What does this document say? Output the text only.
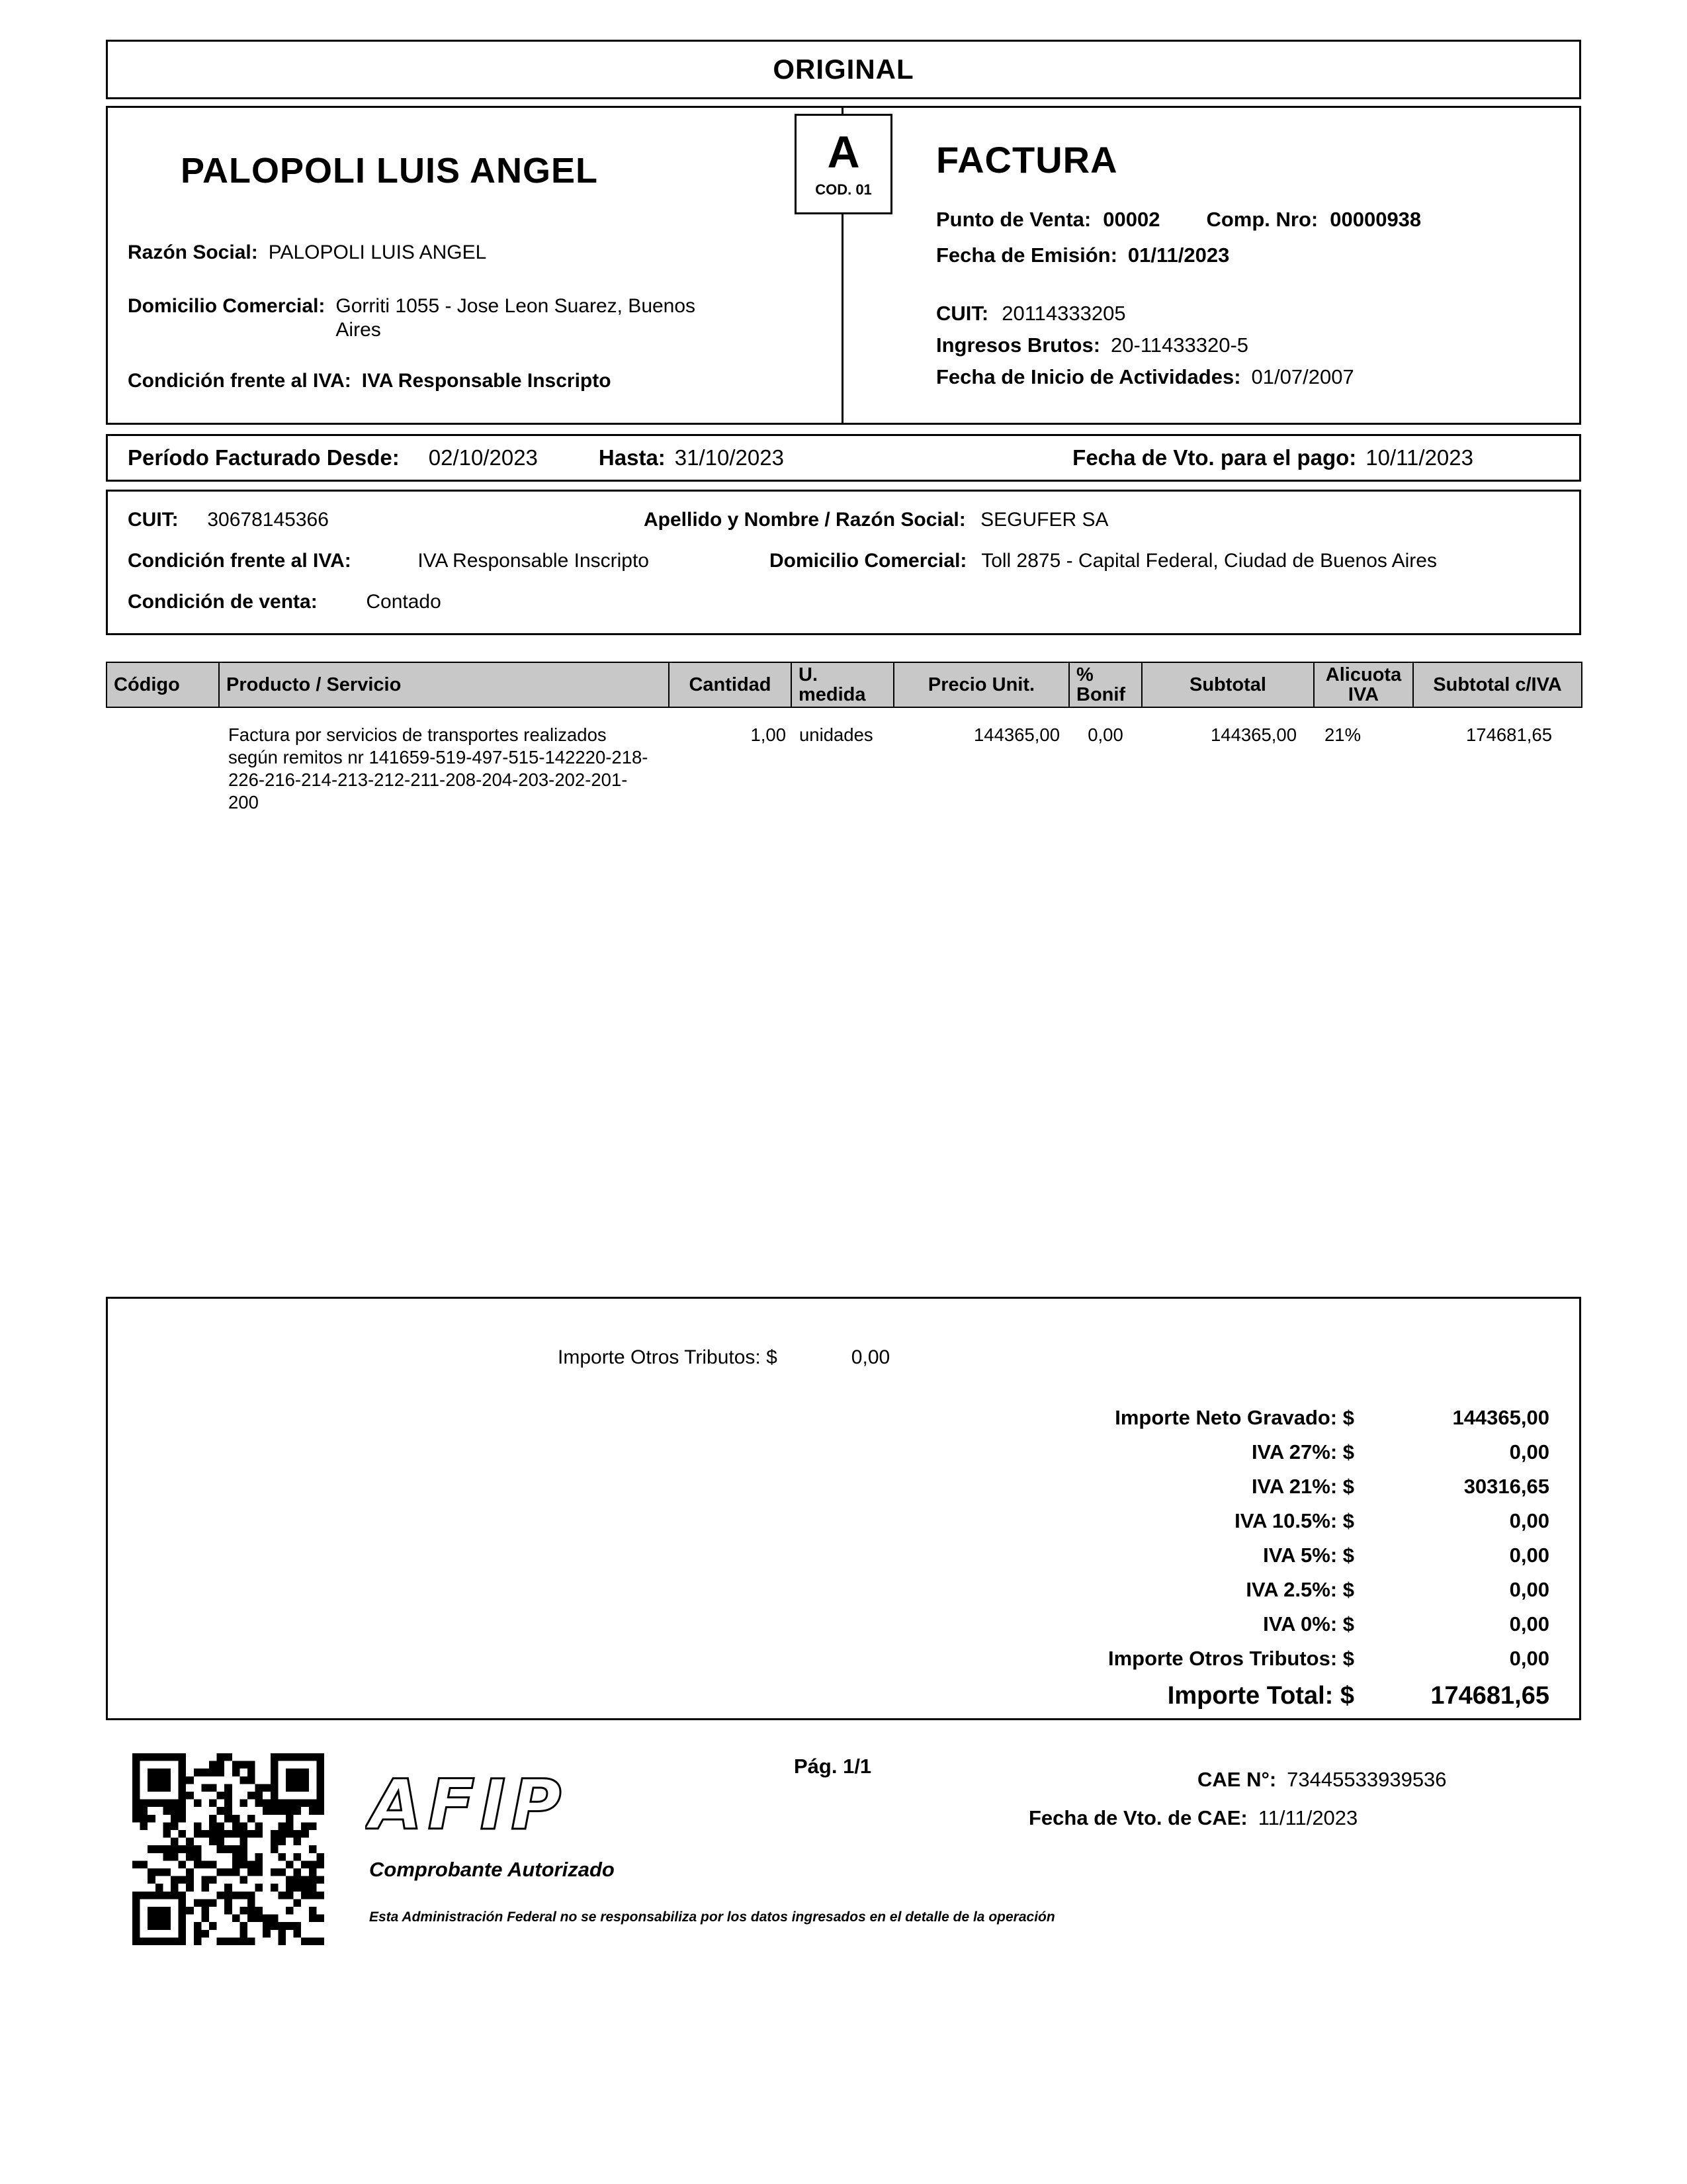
ORIGINAL
PALOPOLI LUIS ANGEL
Razón Social: PALOPOLI LUIS ANGEL
Domicilio Comercial: Gorriti 1055 - Jose Leon Suarez, Buenos Aires
Condición frente al IVA: IVA Responsable Inscripto
FACTURA
Punto de Venta: 00002 Comp. Nro: 00000938
Fecha de Emisión: 01/11/2023
CUIT: 20114333205
Ingresos Brutos: 20-11433320-5
Fecha de Inicio de Actividades: 01/07/2007
A
COD. 01
Período Facturado Desde: 02/10/2023	Hasta: 31/10/2023	Fecha de Vto. para el pago: 10/11/2023
CUIT: 30678145366	Apellido y Nombre / Razón Social: SEGUFER SA
Condición frente al IVA:	IVA Responsable Inscripto	Domicilio Comercial: Toll 2875 - Capital Federal, Ciudad de Buenos Aires
Condición de venta: Contado
Código	Producto / Servicio	Cantidad	U. medida	Precio Unit.	% Bonif	Subtotal	Alicuota IVA	Subtotal c/IVA
	Factura por servicios de transportes realizados según remitos nr 141659-519-497-515-142220-218-226-216-214-213-212-211-208-204-203-202-201-200	1,00	unidades	144365,00	0,00	144365,00	21%	174681,65
Importe Otros Tributos: $	0,00
Importe Neto Gravado: $	144365,00
IVA 27%: $	0,00
IVA 21%: $	30316,65
IVA 10.5%: $	0,00
IVA 5%: $	0,00
IVA 2.5%: $	0,00
IVA 0%: $	0,00
Importe Otros Tributos: $	0,00
Importe Total: $	174681,65
AFIP
Comprobante Autorizado
Esta Administración Federal no se responsabiliza por los datos ingresados en el detalle de la operación
Pág. 1/1
CAE N°: 73445533939536
Fecha de Vto. de CAE: 11/11/2023
